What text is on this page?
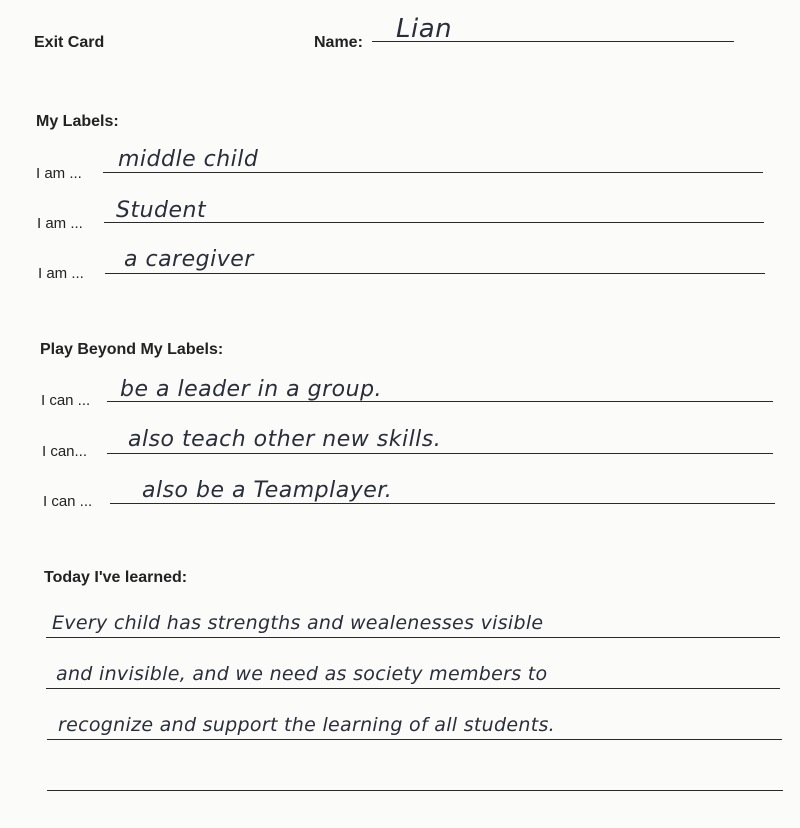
Exit Card	Name: Lian
My Labels:
I am ...
middle child
I am ...
Student
I am ...
a caregiver
Play Beyond My Labels:
I can ... be a leader in a group.
I can... also teach other new skills.
I can ... also be a Teamplayer.
Today I've learned:
Every child has strengths and wealenesses visible
and invisible, and we need as society members to
recognize and support the learning of all students.
